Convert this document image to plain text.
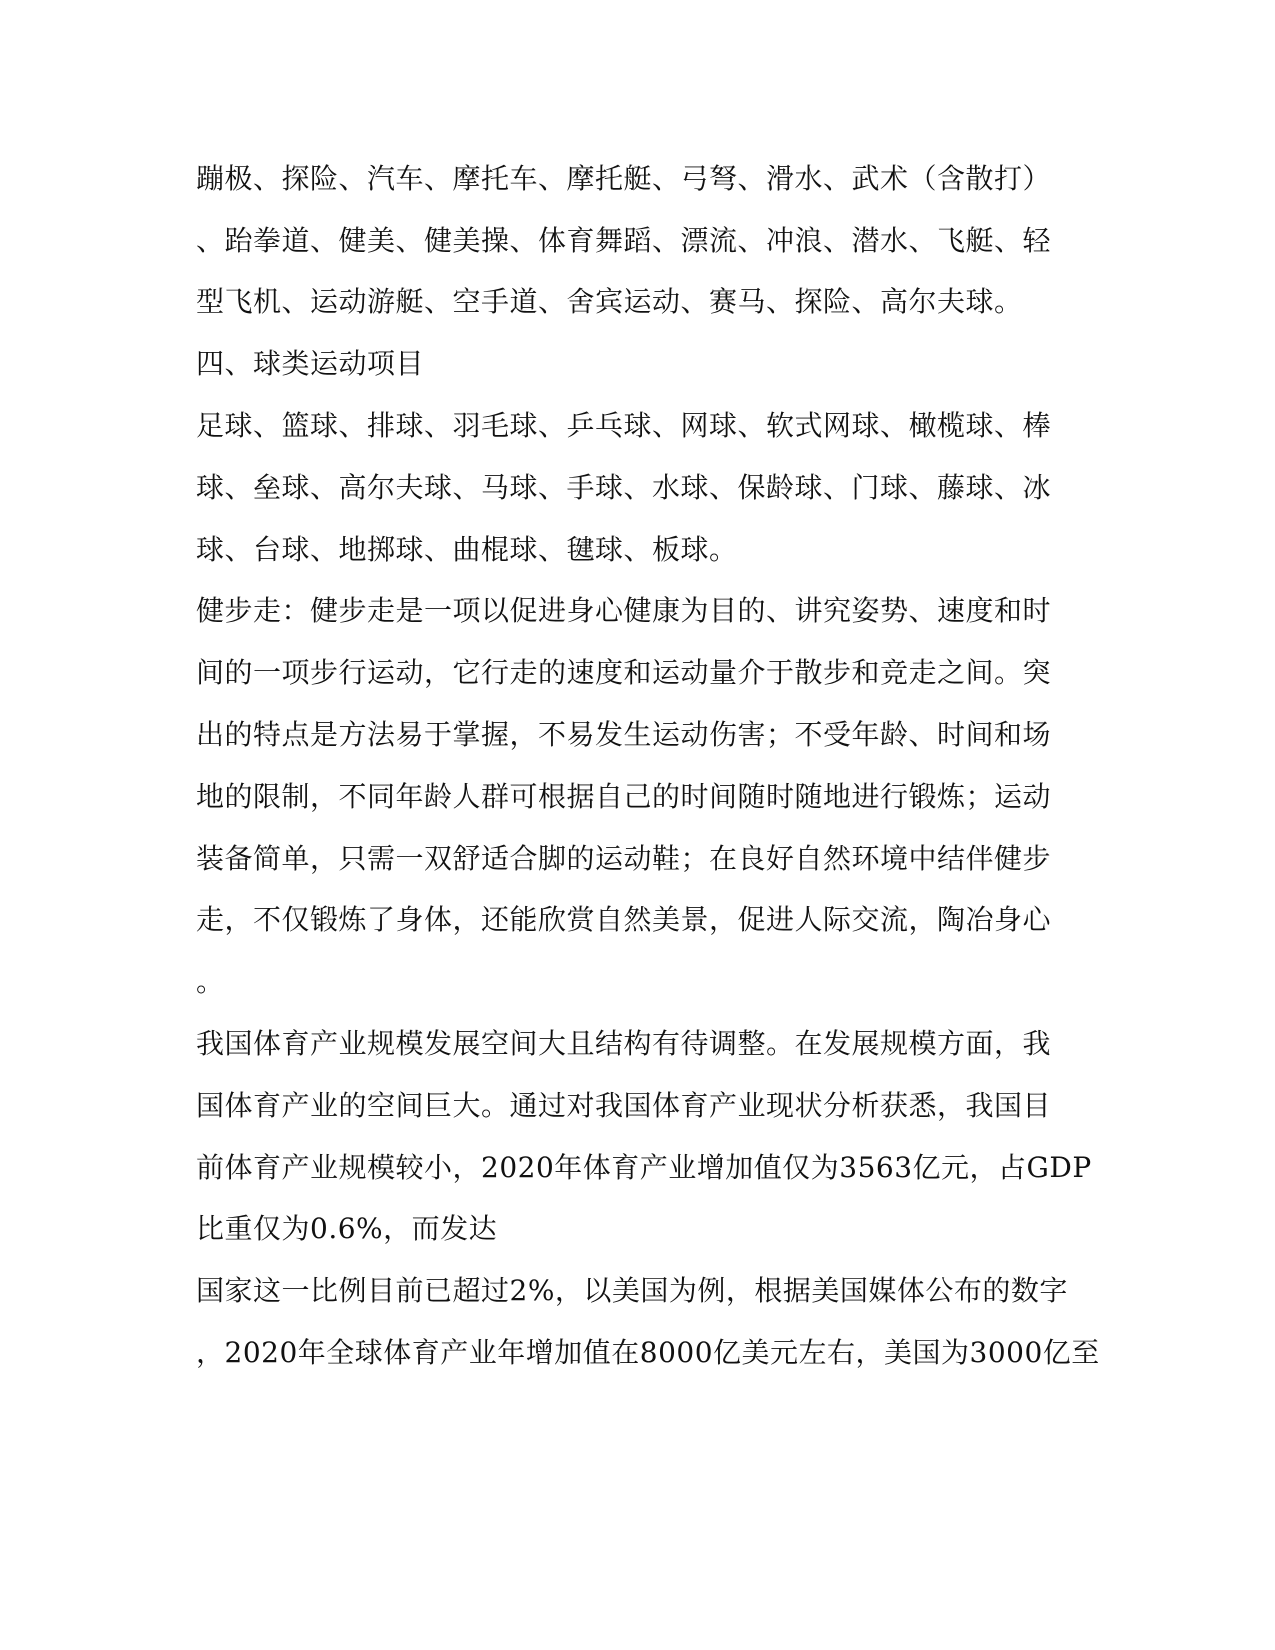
蹦极、探险、汽车、摩托车、摩托艇、弓弩、滑水、武术（含散打）
、跆拳道、健美、健美操、体育舞蹈、漂流、冲浪、潜水、飞艇、轻
型飞机、运动游艇、空手道、舍宾运动、赛马、探险、高尔夫球。
四、球类运动项目
足球、篮球、排球、羽毛球、乒乓球、网球、软式网球、橄榄球、棒
球、垒球、高尔夫球、马球、手球、水球、保龄球、门球、藤球、冰
球、台球、地掷球、曲棍球、毽球、板球。
健步走：健步走是一项以促进身心健康为目的、讲究姿势、速度和时
间的一项步行运动，它行走的速度和运动量介于散步和竞走之间。突
出的特点是方法易于掌握，不易发生运动伤害；不受年龄、时间和场
地的限制，不同年龄人群可根据自己的时间随时随地进行锻炼；运动
装备简单，只需一双舒适合脚的运动鞋；在良好自然环境中结伴健步
走，不仅锻炼了身体，还能欣赏自然美景，促进人际交流，陶冶身心
。
我国体育产业规模发展空间大且结构有待调整。在发展规模方面，我
国体育产业的空间巨大。通过对我国体育产业现状分析获悉，我国目
前体育产业规模较小，2020年体育产业增加值仅为3563亿元，占GDP
比重仅为0.6%，而发达
国家这一比例目前已超过2%，以美国为例，根据美国媒体公布的数字
，2020年全球体育产业年增加值在8000亿美元左右，美国为3000亿至
